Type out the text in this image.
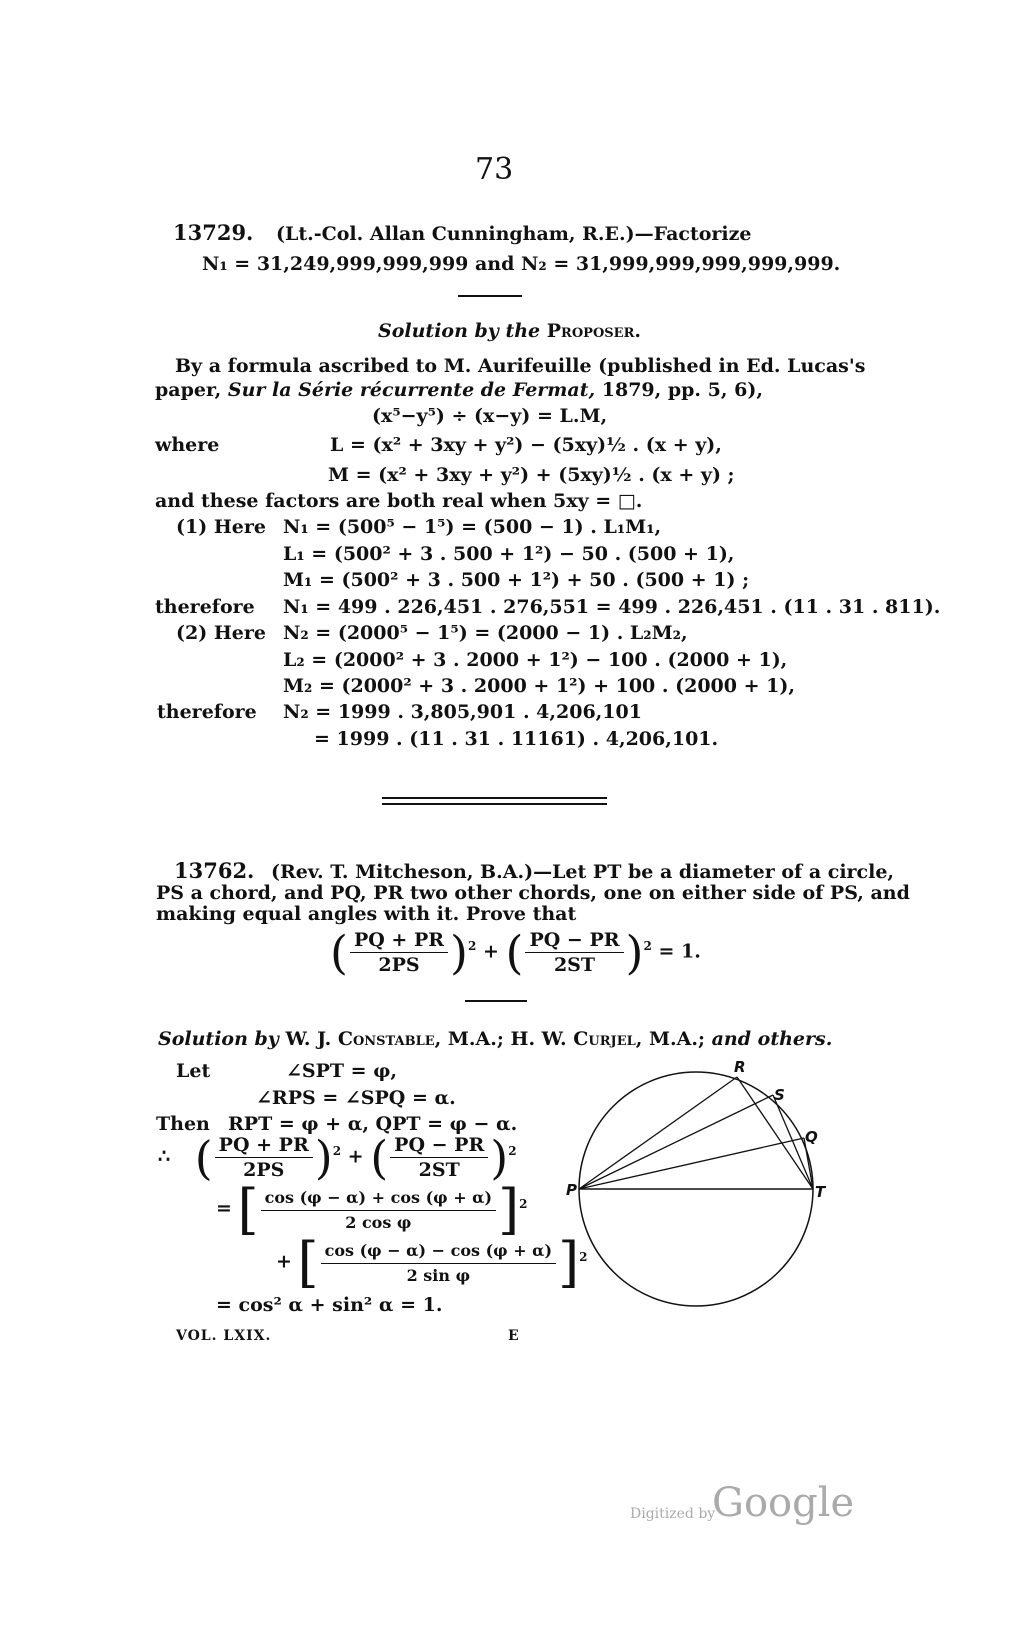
73
13729. (Lt.-Col. Allan Cunningham, R.E.)—Factorize
N₁ = 31,249,999,999,999 and N₂ = 31,999,999,999,999,999.
Solution by the Proposer.
By a formula ascribed to M. Aurifeuille (published in Ed. Lucas's
paper, Sur la Série récurrente de Fermat, 1879, pp. 5, 6),
(x⁵−y⁵) ÷ (x−y) = L.M,
where	L = (x² + 3xy + y²) − (5xy)½ . (x + y),
M = (x² + 3xy + y²) + (5xy)½ . (x + y) ;
and these factors are both real when 5xy = □.
(1) Here N₁ = (500⁵ − 1⁵) = (500 − 1) . L₁M₁,
L₁ = (500² + 3 . 500 + 1²) − 50 . (500 + 1),
M₁ = (500² + 3 . 500 + 1²) + 50 . (500 + 1) ;
therefore N₁ = 499 . 226,451 . 276,551 = 499 . 226,451 . (11 . 31 . 811).
(2) Here N₂ = (2000⁵ − 1⁵) = (2000 − 1) . L₂M₂,
L₂ = (2000² + 3 . 2000 + 1²) − 100 . (2000 + 1),
M₂ = (2000² + 3 . 2000 + 1²) + 100 . (2000 + 1),
therefore N₂ = 1999 . 3,805,901 . 4,206,101
= 1999 . (11 . 31 . 11161) . 4,206,101.
13762. (Rev. T. Mitcheson, B.A.)—Let PT be a diameter of a circle,
PS a chord, and PQ, PR two other chords, one on either side of PS, and
making equal angles with it. Prove that
( $\frac{PQ + PR}{2PS} )^2$ + ( $\frac{PQ - PR}{2ST} )^2 = 1$.
Solution by W. J. Constable, M.A.; H. W. Curjel, M.A.; and others.
Let	∠SPT = φ,
∠RPS = ∠SPQ = α.
Then RPT = φ + α, QPT = φ − α.
∴ ( $\frac{PQ + PR}{2PS} )^2$ + ( $\frac{PQ - PR}{2ST} )^2$
= [ $\frac{\cos (\varphi - \alpha) + \cos (\varphi + \alpha)}{\text{2 cos φ}} ]^2$
+ [ $\frac{\cos (\varphi - \alpha) - \cos (\varphi + \alpha)}{\text{2 sin φ}} ]^2$
= cos² α + sin² α = 1.
R
S
Q
P	T
VOL. LXIX.	E
Digitized by
Google
